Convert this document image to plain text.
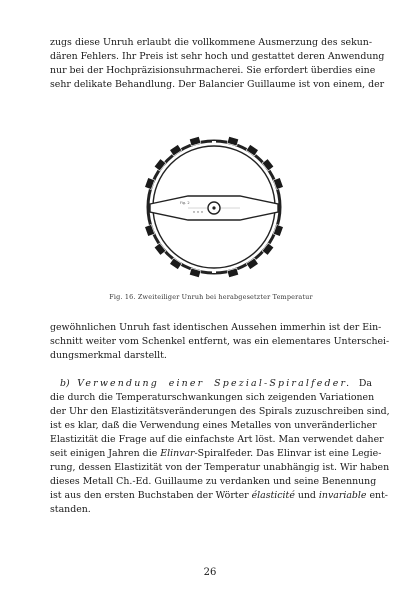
zugs diese Unruh erlaubt die vollkommene Ausmerzung des sekun-
dären Fehlers. Ihr Preis ist sehr hoch und gestattet deren Anwendung
nur bei der Hochpräzisionsuhrmacherei. Sie erfordert überdies eine
sehr delikate Behandlung. Der Balancier Guillaume ist von einem, der
Fig. 2
Fig. 16. Zweiteiliger Unruh bei herabgesetzter Temperatur
gewöhnlichen Unruh fast identischen Aussehen immerhin ist der Ein-
schnitt weiter vom Schenkel entfernt, was ein elementares Unterschei-
dungsmerkmal darstellt.
b) Verwendung einer Spezial-Spiralfeder. Da
die durch die Temperaturschwankungen sich zeigenden Variationen
der Uhr den Elastizitätsveränderungen des Spirals zuzuschreiben sind,
ist es klar, daß die Verwendung eines Metalles von unveränderlicher
Elastizität die Frage auf die einfachste Art löst. Man verwendet daher
seit einigen Jahren die Elinvar-Spiralfeder. Das Elinvar ist eine Legie-
rung, dessen Elastizität von der Temperatur unabhängig ist. Wir haben
dieses Metall Ch.-Ed. Guillaume zu verdanken und seine Benennung
ist aus den ersten Buchstaben der Wörter élasticité und invariable ent-
standen.
26
